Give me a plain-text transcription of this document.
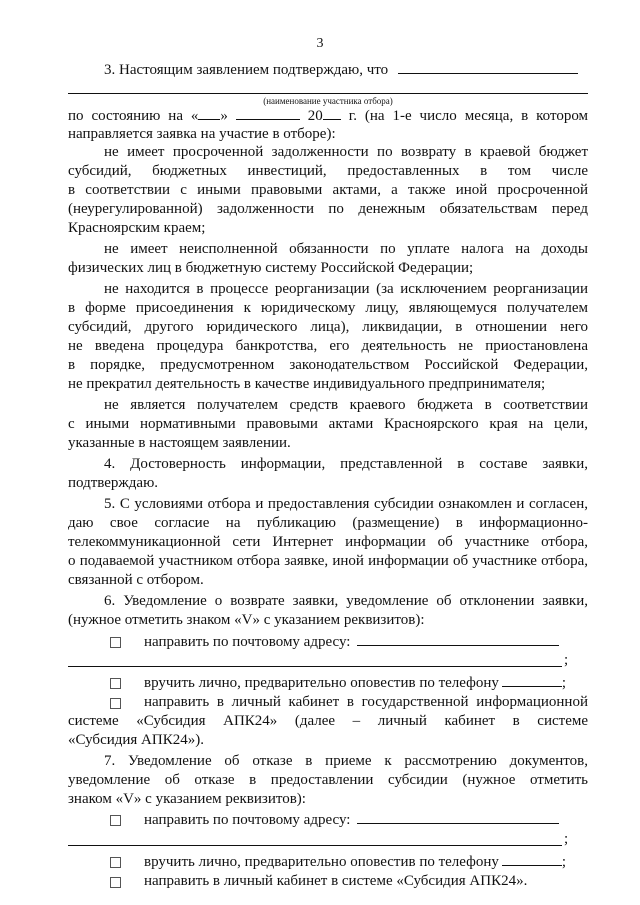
3
3. Настоящим заявлением подтверждаю, что
(наименование участника отбора)
по состоянию на « »	20 г. (на 1-е число месяца, в котором
направляется заявка на участие в отборе):
не имеет просроченной задолженности по возврату в краевой бюджет
субсидий, бюджетных инвестиций, предоставленных в том числе
в соответствии с иными правовыми актами, а также иной просроченной
(неурегулированной) задолженности по денежным обязательствам перед
Красноярским краем;
не имеет неисполненной обязанности по уплате налога на доходы
физических лиц в бюджетную систему Российской Федерации;
не находится в процессе реорганизации (за исключением реорганизации
в форме присоединения к юридическому лицу, являющемуся получателем
субсидий, другого юридического лица), ликвидации, в отношении него
не введена процедура банкротства, его деятельность не приостановлена
в порядке, предусмотренном законодательством Российской Федерации,
не прекратил деятельность в качестве индивидуального предпринимателя;
не является получателем средств краевого бюджета в соответствии
с иными нормативными правовыми актами Красноярского края на цели,
указанные в настоящем заявлении.
4. Достоверность информации, представленной в составе заявки,
подтверждаю.
5. С условиями отбора и предоставления субсидии ознакомлен и согласен,
даю свое согласие на публикацию (размещение) в информационно-
телекоммуникационной сети Интернет информации об участнике отбора,
о подаваемой участником отбора заявке, иной информации об участнике отбора,
связанной с отбором.
6. Уведомление о возврате заявки, уведомление об отклонении заявки,
(нужное отметить знаком «V» с указанием реквизитов):
направить по почтовому адресу:
;
вручить лично, предварительно оповестив по телефону	;
направить в личный кабинет в государственной информационной
системе «Субсидия АПК24» (далее – личный кабинет в системе
«Субсидия АПК24»).
7. Уведомление об отказе в приеме к рассмотрению документов,
уведомление об отказе в предоставлении субсидии (нужное отметить
знаком «V» с указанием реквизитов):
направить по почтовому адресу:
;
вручить лично, предварительно оповестив по телефону	;
направить в личный кабинет в системе «Субсидия АПК24».
